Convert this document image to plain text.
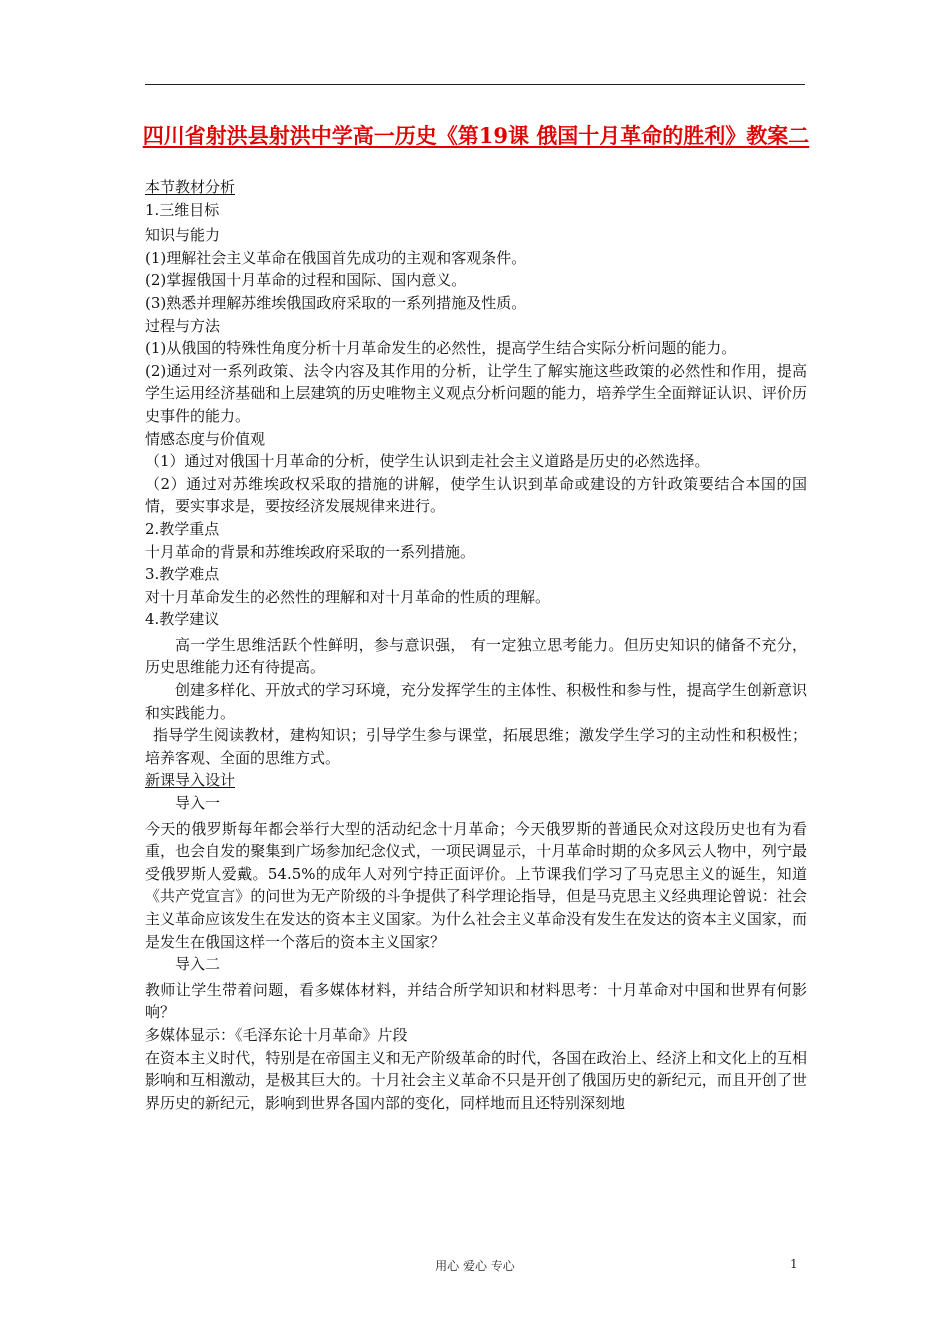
四川省射洪县射洪中学高一历史《第19课 俄国十月革命的胜利》教案二

本节教材分析

1.三维目标

知识与能力

(1)理解社会主义革命在俄国首先成功的主观和客观条件。

(2)掌握俄国十月革命的过程和国际、国内意义。

(3)熟悉并理解苏维埃俄国政府采取的一系列措施及性质。

过程与方法

(1)从俄国的特殊性角度分析十月革命发生的必然性，提高学生结合实际分析问题的能力。

(2)通过对一系列政策、法令内容及其作用的分析，让学生了解实施这些政策的必然性和作用，提高学生运用经济基础和上层建筑的历史唯物主义观点分析问题的能力，培养学生全面辩证认识、评价历史事件的能力。

情感态度与价值观

（1）通过对俄国十月革命的分析，使学生认识到走社会主义道路是历史的必然选择。

（2）通过对苏维埃政权采取的措施的讲解，使学生认识到革命或建设的方针政策要结合本国的国情，要实事求是，要按经济发展规律来进行。

2.教学重点

十月革命的背景和苏维埃政府采取的一系列措施。

3.教学难点

对十月革命发生的必然性的理解和对十月革命的性质的理解。

4.教学建议

高一学生思维活跃个性鲜明，参与意识强， 有一定独立思考能力。但历史知识的储备不充分，历史思维能力还有待提高。

创建多样化、开放式的学习环境，充分发挥学生的主体性、积极性和参与性，提高学生创新意识和实践能力。

指导学生阅读教材，建构知识；引导学生参与课堂，拓展思维；激发学生学习的主动性和积极性；培养客观、全面的思维方式。

新课导入设计

导入一

今天的俄罗斯每年都会举行大型的活动纪念十月革命；今天俄罗斯的普通民众对这段历史也有为看重，也会自发的聚集到广场参加纪念仪式，一项民调显示，十月革命时期的众多风云人物中，列宁最受俄罗斯人爱戴。54.5%的成年人对列宁持正面评价。上节课我们学习了马克思主义的诞生，知道《共产党宣言》的问世为无产阶级的斗争提供了科学理论指导，但是马克思主义经典理论曾说：社会主义革命应该发生在发达的资本主义国家。为什么社会主义革命没有发生在发达的资本主义国家，而是发生在俄国这样一个落后的资本主义国家？

导入二

教师让学生带着问题，看多媒体材料，并结合所学知识和材料思考：十月革命对中国和世界有何影响？

多媒体显示：《毛泽东论十月革命》片段

在资本主义时代，特别是在帝国主义和无产阶级革命的时代，各国在政治上、经济上和文化上的互相影响和互相激动，是极其巨大的。十月社会主义革命不只是开创了俄国历史的新纪元，而且开创了世界历史的新纪元，影响到世界各国内部的变化，同样地而且还特别深刻地

用心 爱心 专心	1
